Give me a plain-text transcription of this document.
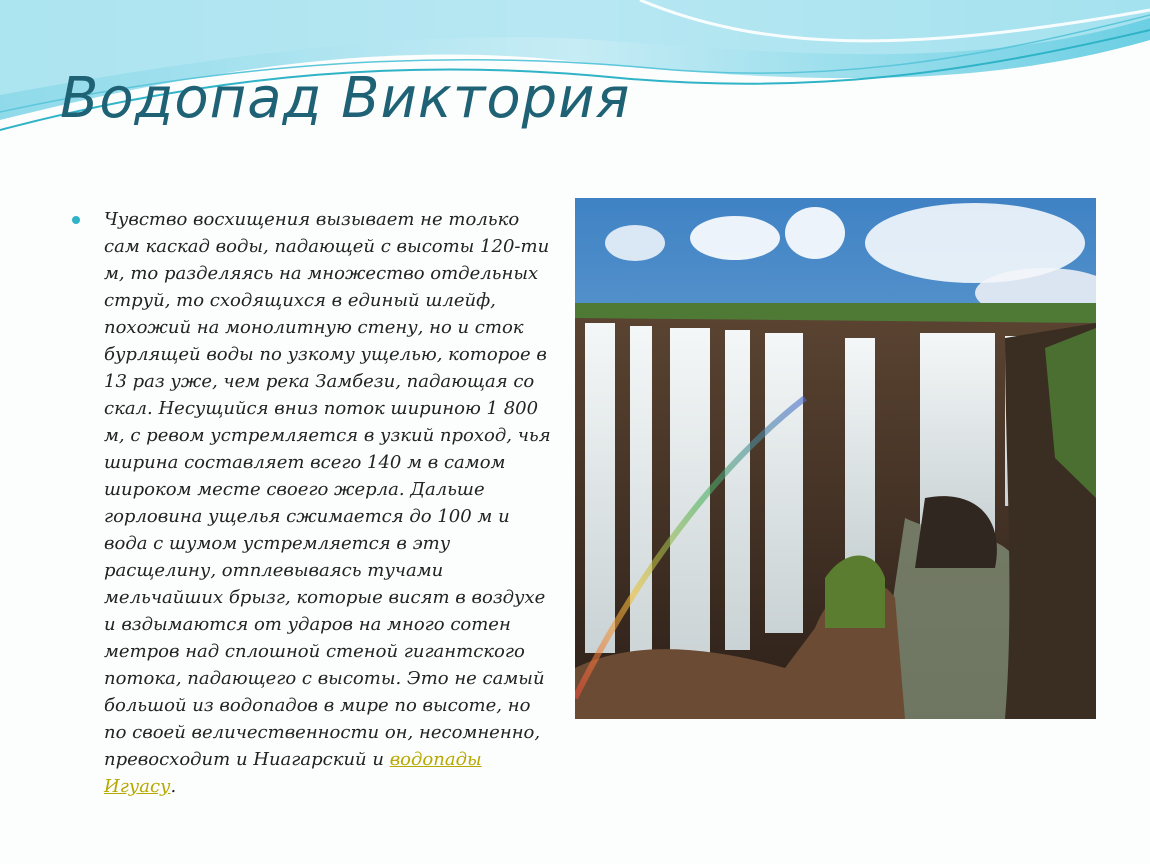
Водопад Виктория

Чувство восхищения вызывает не только сам каскад воды, падающей с высоты 120-ти м, то разделяясь на множество отдельных струй, то сходящихся в единый шлейф, похожий на монолитную стену, но и сток бурлящей воды по узкому ущелью, которое в 13 раз уже, чем река Замбези, падающая со скал. Несущийся вниз поток шириною 1 800 м, с ревом устремляется в узкий проход, чья ширина составляет всего 140 м в самом широком месте своего жерла. Дальше горловина ущелья сжимается до 100 м и вода с шумом устремляется в эту расщелину, отплевываясь тучами мельчайших брызг, которые висят в воздухе и вздымаются от ударов на много сотен метров над сплошной стеной гигантского потока, падающего с высоты. Это не самый большой из водопадов в мире по высоте, но по своей величественности он, несомненно, превосходит и Ниагарский и водопады Игуасу.
